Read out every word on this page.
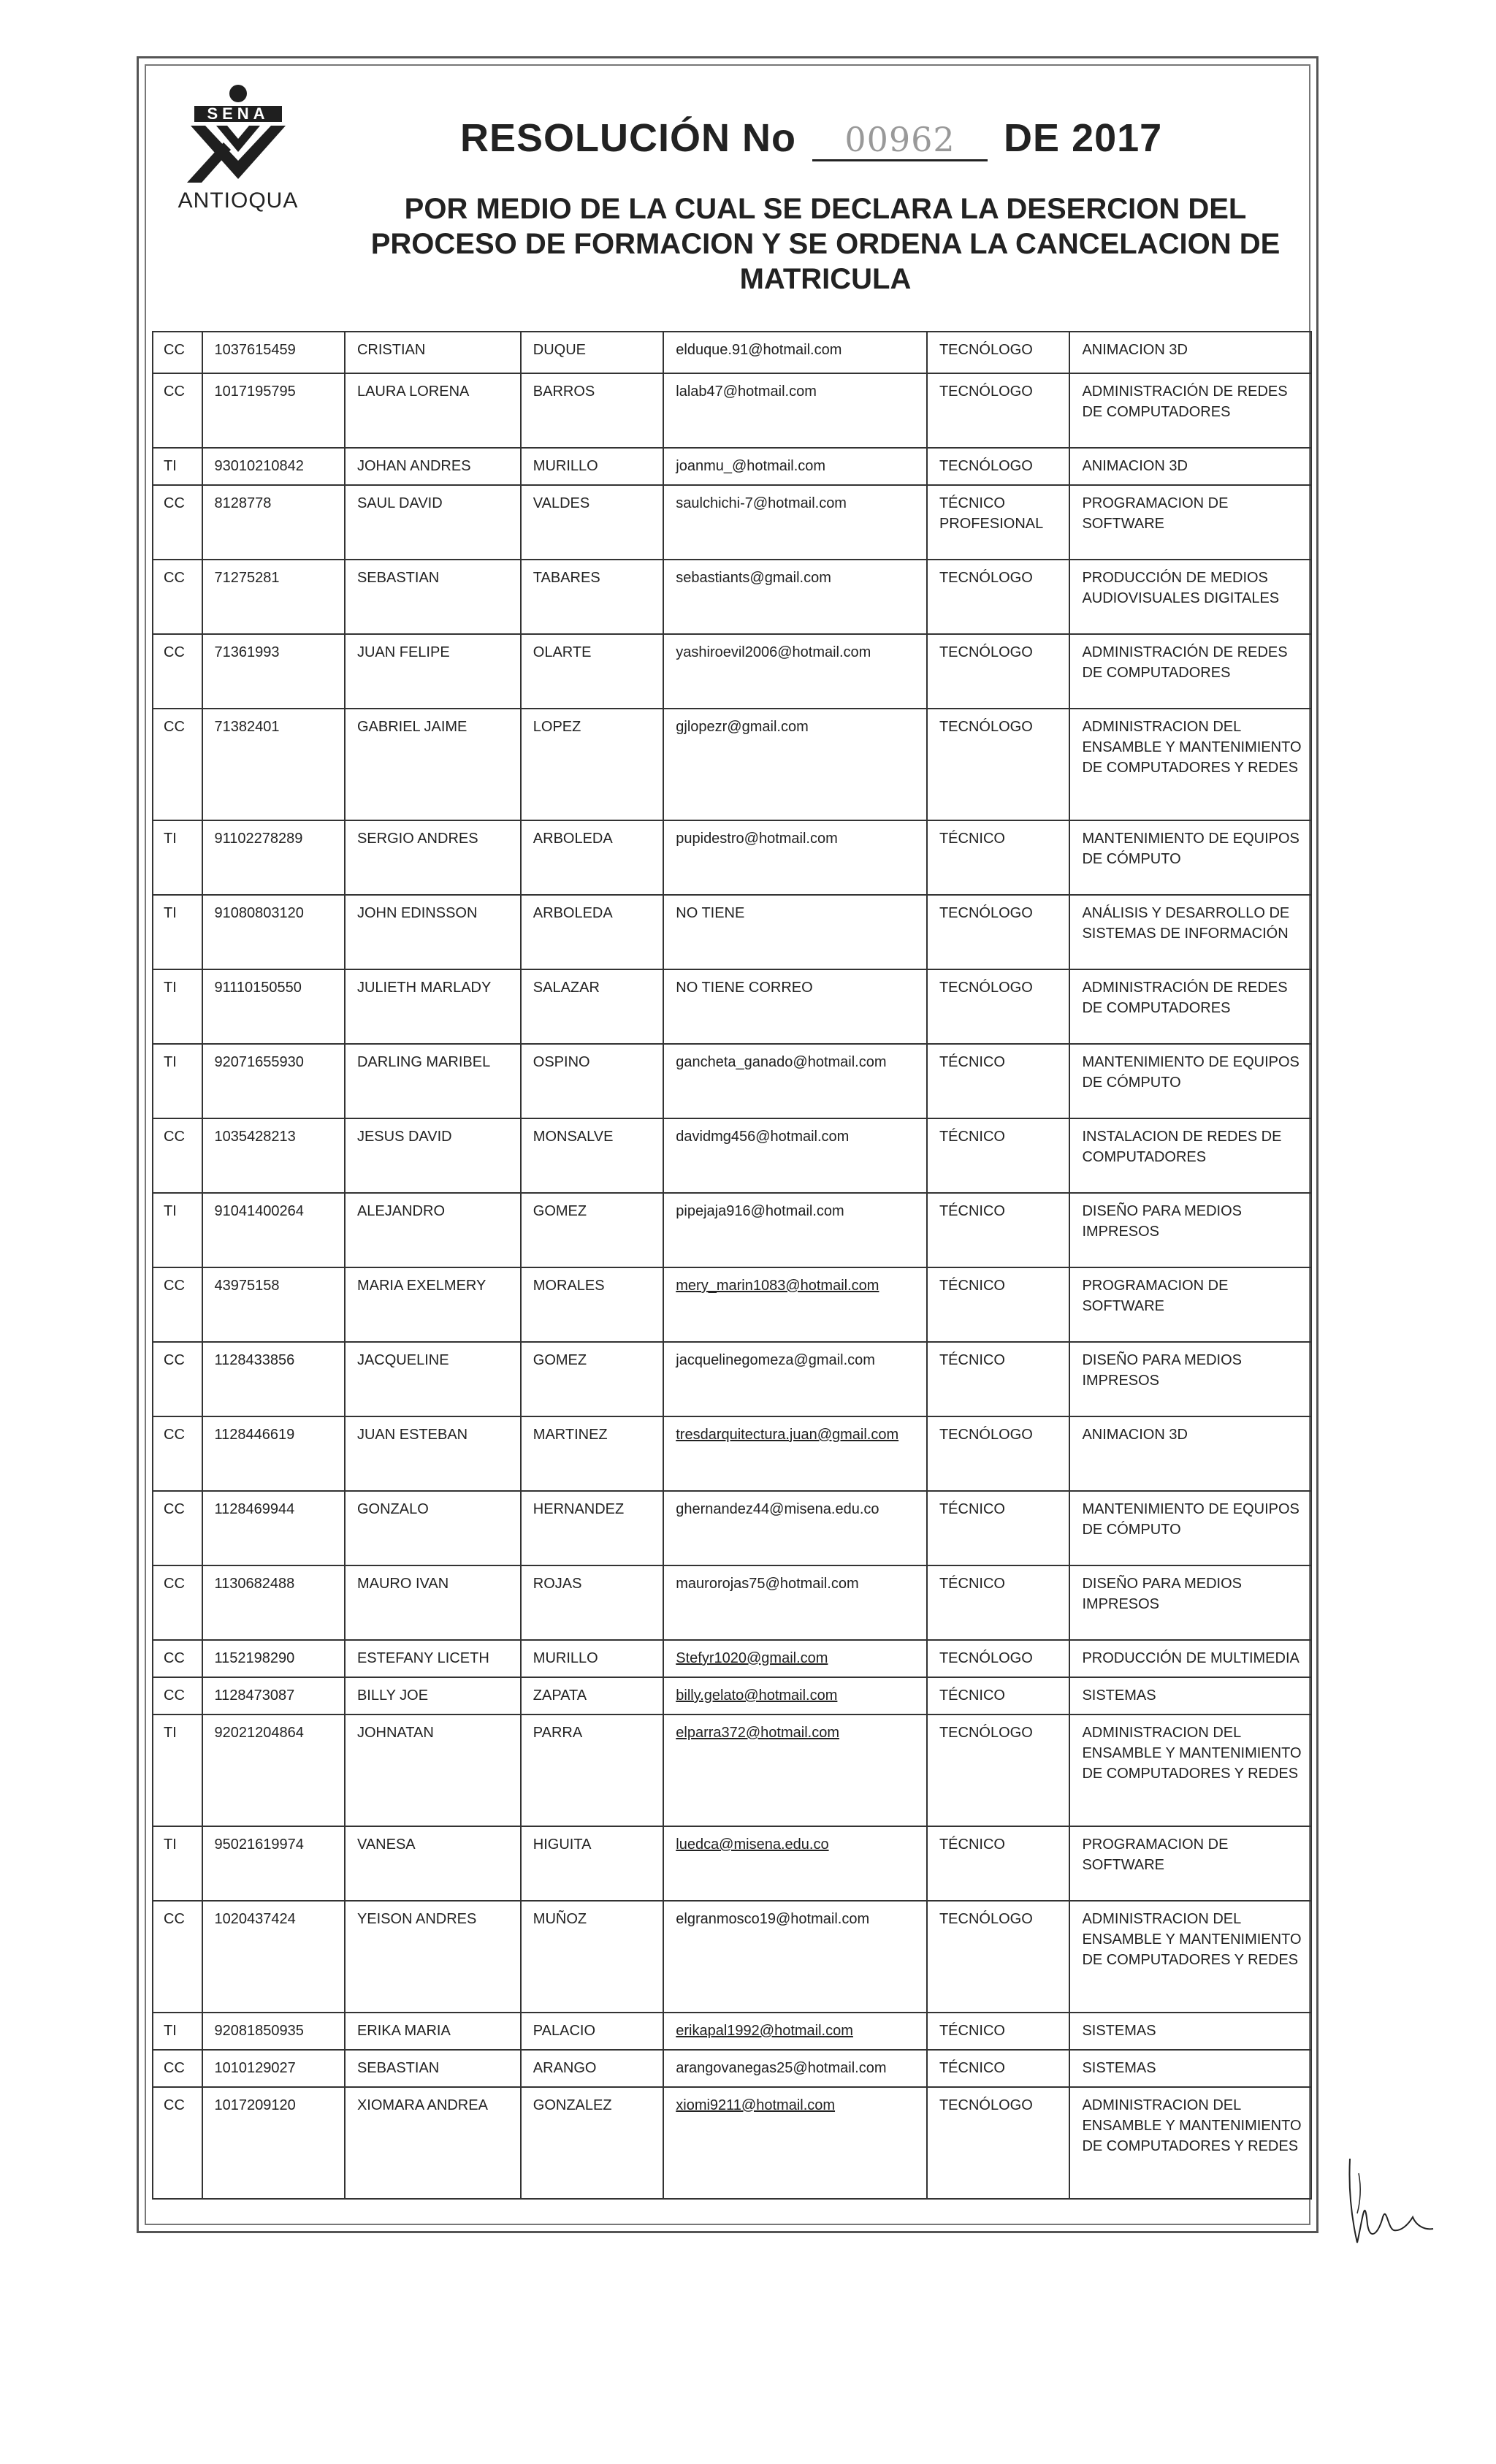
SENA
ANTIOQUA
RESOLUCIÓN No 00962 DE 2017
POR MEDIO DE LA CUAL SE DECLARA LA DESERCION DEL PROCESO DE FORMACION Y SE ORDENA LA CANCELACION DE MATRICULA
CC	1037615459	CRISTIAN	DUQUE	elduque.91@hotmail.com	TECNÓLOGO	ANIMACION 3D
CC	1017195795	LAURA LORENA	BARROS	lalab47@hotmail.com	TECNÓLOGO	ADMINISTRACIÓN DE REDES DE COMPUTADORES
TI	93010210842	JOHAN ANDRES	MURILLO	joanmu_@hotmail.com	TECNÓLOGO	ANIMACION 3D
CC	8128778	SAUL DAVID	VALDES	saulchichi-7@hotmail.com	TÉCNICO PROFESIONAL	PROGRAMACION DE SOFTWARE
CC	71275281	SEBASTIAN	TABARES	sebastiants@gmail.com	TECNÓLOGO	PRODUCCIÓN DE MEDIOS AUDIOVISUALES DIGITALES
CC	71361993	JUAN FELIPE	OLARTE	yashiroevil2006@hotmail.com	TECNÓLOGO	ADMINISTRACIÓN DE REDES DE COMPUTADORES
CC	71382401	GABRIEL JAIME	LOPEZ	gjlopezr@gmail.com	TECNÓLOGO	ADMINISTRACION DEL ENSAMBLE Y MANTENIMIENTO DE COMPUTADORES Y REDES
TI	91102278289	SERGIO ANDRES	ARBOLEDA	pupidestro@hotmail.com	TÉCNICO	MANTENIMIENTO DE EQUIPOS DE CÓMPUTO
TI	91080803120	JOHN EDINSSON	ARBOLEDA	NO TIENE	TECNÓLOGO	ANÁLISIS Y DESARROLLO DE SISTEMAS DE INFORMACIÓN
TI	91110150550	JULIETH MARLADY	SALAZAR	NO TIENE CORREO	TECNÓLOGO	ADMINISTRACIÓN DE REDES DE COMPUTADORES
TI	92071655930	DARLING MARIBEL	OSPINO	gancheta_ganado@hotmail.com	TÉCNICO	MANTENIMIENTO DE EQUIPOS DE CÓMPUTO
CC	1035428213	JESUS DAVID	MONSALVE	davidmg456@hotmail.com	TÉCNICO	INSTALACION DE REDES DE COMPUTADORES
TI	91041400264	ALEJANDRO	GOMEZ	pipejaja916@hotmail.com	TÉCNICO	DISEÑO PARA MEDIOS IMPRESOS
CC	43975158	MARIA EXELMERY	MORALES	mery_marin1083@hotmail.com	TÉCNICO	PROGRAMACION DE SOFTWARE
CC	1128433856	JACQUELINE	GOMEZ	jacquelinegomeza@gmail.com	TÉCNICO	DISEÑO PARA MEDIOS IMPRESOS
CC	1128446619	JUAN ESTEBAN	MARTINEZ	tresdarquitectura.juan@gmail.com	TECNÓLOGO	ANIMACION 3D
CC	1128469944	GONZALO	HERNANDEZ	ghernandez44@misena.edu.co	TÉCNICO	MANTENIMIENTO DE EQUIPOS DE CÓMPUTO
CC	1130682488	MAURO IVAN	ROJAS	maurorojas75@hotmail.com	TÉCNICO	DISEÑO PARA MEDIOS IMPRESOS
CC	1152198290	ESTEFANY LICETH	MURILLO	Stefyr1020@gmail.com	TECNÓLOGO	PRODUCCIÓN DE MULTIMEDIA
CC	1128473087	BILLY JOE	ZAPATA	billy.gelato@hotmail.com	TÉCNICO	SISTEMAS
TI	92021204864	JOHNATAN	PARRA	elparra372@hotmail.com	TECNÓLOGO	ADMINISTRACION DEL ENSAMBLE Y MANTENIMIENTO DE COMPUTADORES Y REDES
TI	95021619974	VANESA	HIGUITA	luedca@misena.edu.co	TÉCNICO	PROGRAMACION DE SOFTWARE
CC	1020437424	YEISON ANDRES	MUÑOZ	elgranmosco19@hotmail.com	TECNÓLOGO	ADMINISTRACION DEL ENSAMBLE Y MANTENIMIENTO DE COMPUTADORES Y REDES
TI	92081850935	ERIKA MARIA	PALACIO	erikapal1992@hotmail.com	TÉCNICO	SISTEMAS
CC	1010129027	SEBASTIAN	ARANGO	arangovanegas25@hotmail.com	TÉCNICO	SISTEMAS
CC	1017209120	XIOMARA ANDREA	GONZALEZ	xiomi9211@hotmail.com	TECNÓLOGO	ADMINISTRACION DEL ENSAMBLE Y MANTENIMIENTO DE COMPUTADORES Y REDES
